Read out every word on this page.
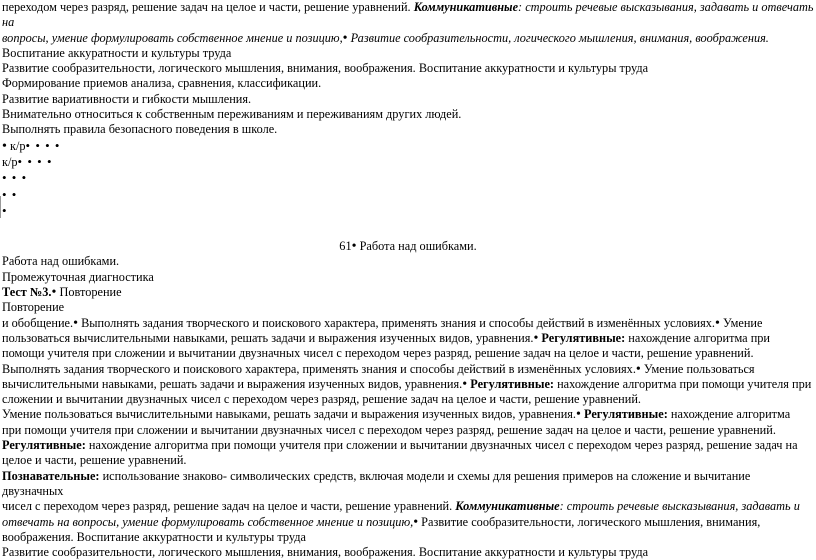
переходом через разряд, решение задач на целое и части, решение уравнений. Коммуникативные: строить речевые высказывания, задавать и отвечать на

вопросы, умение формулировать собственное мнение и позицию,• Развитие сообразительности, логического мышления, внимания, воображения.

Воспитание аккуратности и культуры труда

Развитие сообразительности, логического мышления, внимания, воображения. Воспитание аккуратности и культуры труда

Формирование приемов анализа, сравнения, классификации.

Развитие вариативности и гибкости мышления.

Внимательно относиться к собственным переживаниям и переживаниям других людей.

Выполнять правила безопасного поведения в школе.

• к/р• • • •

к/р• • • •

• • •

• •

•

61• Работа над ошибками.

Работа над ошибками.

Промежуточная диагностика

Тест №3.• Повторение

Повторение

и обобщение.• Выполнять задания творческого и поискового характера, применять знания и способы действий в изменённых условиях.• Умение

пользоваться вычислительными навыками, решать задачи и выражения изученных видов, уравнения.• Регулятивные: нахождение алгоритма при

помощи учителя при сложении и вычитании двузначных чисел с переходом через разряд, решение задач на целое и части, решение уравнений.

Выполнять задания творческого и поискового характера, применять знания и способы действий в изменённых условиях.• Умение пользоваться

вычислительными навыками, решать задачи и выражения изученных видов, уравнения.• Регулятивные: нахождение алгоритма при помощи учителя при

сложении и вычитании двузначных чисел с переходом через разряд, решение задач на целое и части, решение уравнений.

Умение пользоваться вычислительными навыками, решать задачи и выражения изученных видов, уравнения.• Регулятивные: нахождение алгоритма

при помощи учителя при сложении и вычитании двузначных чисел с переходом через разряд, решение задач на целое и части, решение уравнений.

Регулятивные: нахождение алгоритма при помощи учителя при сложении и вычитании двузначных чисел с переходом через разряд, решение задач на

целое и части, решение уравнений.

Познавательные: использование знаково- символических средств, включая модели и схемы для решения примеров на сложение и вычитание двузначных

чисел с переходом через разряд, решение задач на целое и части, решение уравнений. Коммуникативные: строить речевые высказывания, задавать и

отвечать на вопросы, умение формулировать собственное мнение и позицию,• Развитие сообразительности, логического мышления, внимания,

воображения. Воспитание аккуратности и культуры труда

Развитие сообразительности, логического мышления, внимания, воображения. Воспитание аккуратности и культуры труда
